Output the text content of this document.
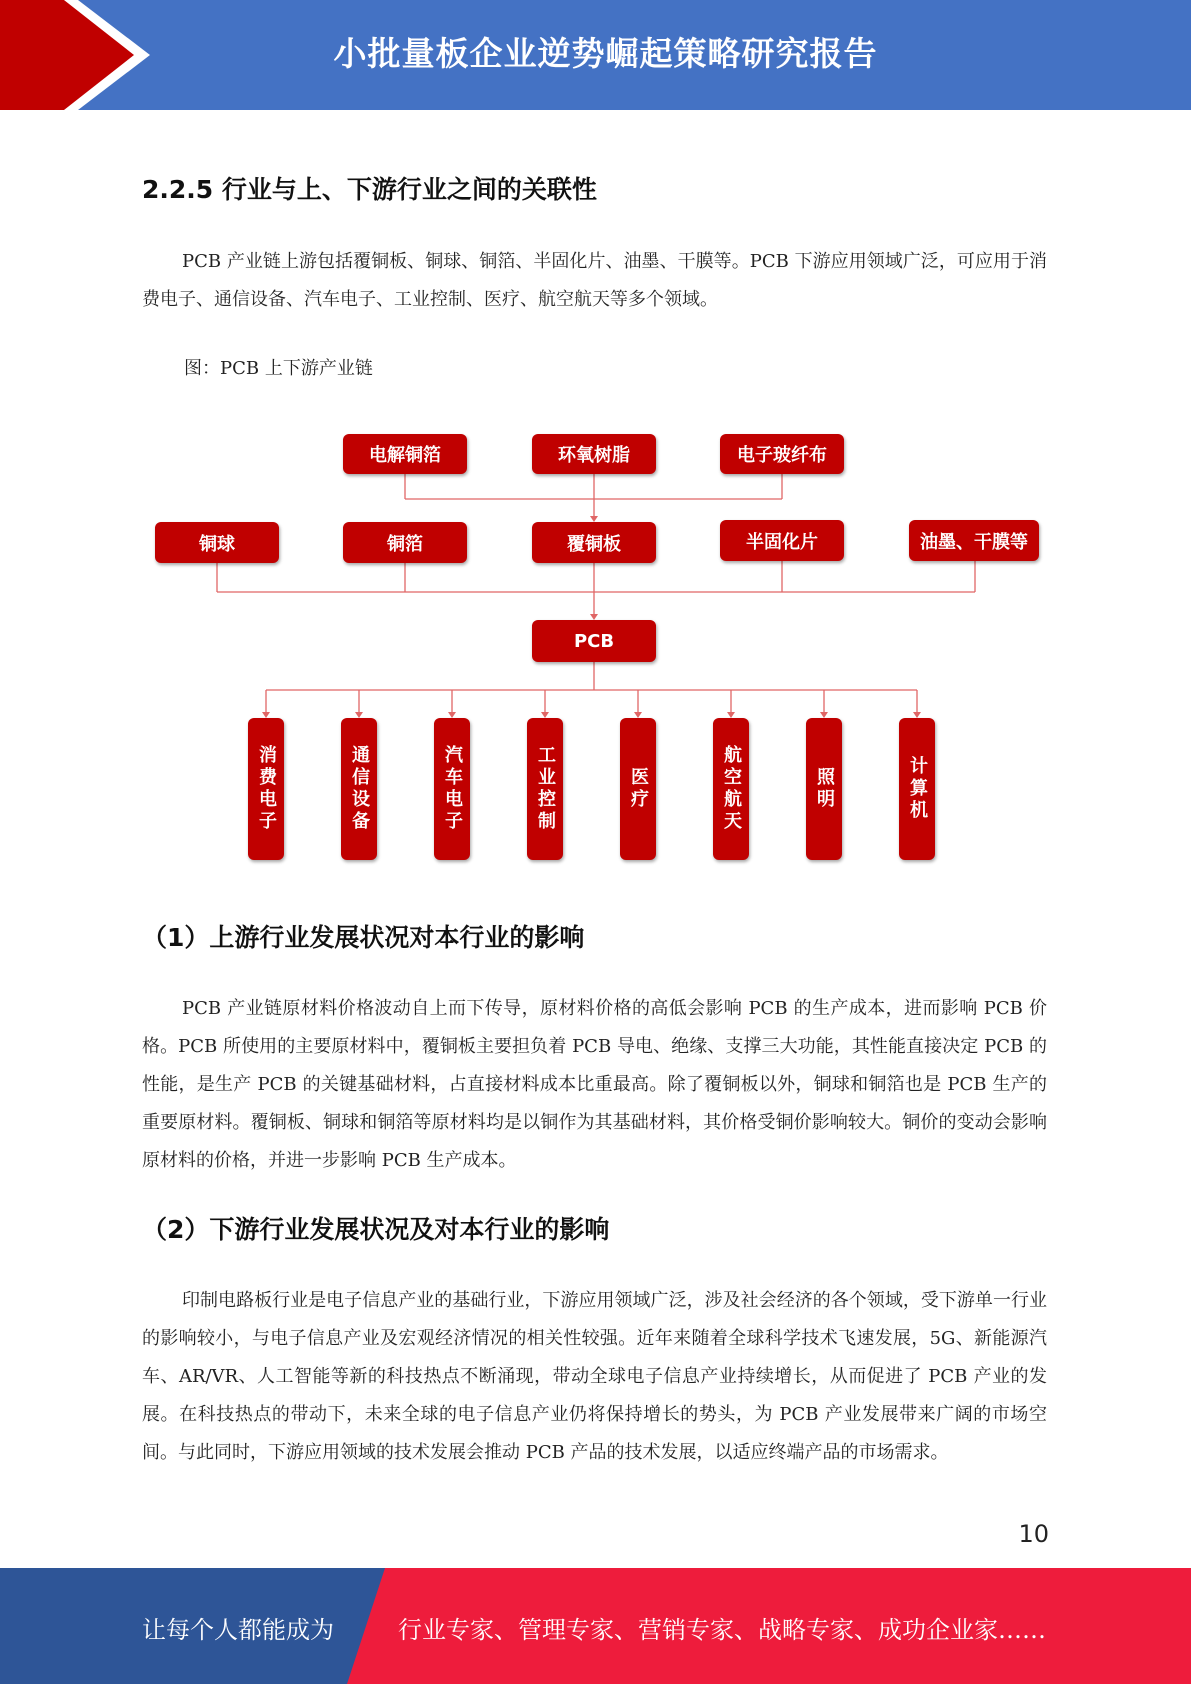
小批量板企业逆势崛起策略研究报告
2.2.5 行业与上、下游行业之间的关联性
PCB 产业链上游包括覆铜板、铜球、铜箔、半固化片、油墨、干膜等。PCB 下游应用领域广泛，可应用于消费电子、通信设备、汽车电子、工业控制、医疗、航空航天等多个领域。
图：PCB 上下游产业链
电解铜箔	环氧树脂	电子玻纤布
铜球	铜箔	覆铜板	半固化片	油墨、干膜等
PCB
消费电子	通信设备	汽车电子	工业控制	医疗	航空航天	照明	计算机
（1）上游行业发展状况对本行业的影响
PCB 产业链原材料价格波动自上而下传导，原材料价格的高低会影响 PCB 的生产成本，进而影响 PCB 价格。PCB 所使用的主要原材料中，覆铜板主要担负着 PCB 导电、绝缘、支撑三大功能，其性能直接决定 PCB 的性能，是生产 PCB 的关键基础材料，占直接材料成本比重最高。除了覆铜板以外，铜球和铜箔也是 PCB 生产的重要原材料。覆铜板、铜球和铜箔等原材料均是以铜作为其基础材料，其价格受铜价影响较大。铜价的变动会影响原材料的价格，并进一步影响 PCB 生产成本。
（2）下游行业发展状况及对本行业的影响
印制电路板行业是电子信息产业的基础行业，下游应用领域广泛，涉及社会经济的各个领域，受下游单一行业的影响较小，与电子信息产业及宏观经济情况的相关性较强。近年来随着全球科学技术飞速发展，5G、新能源汽车、AR/VR、人工智能等新的科技热点不断涌现，带动全球电子信息产业持续增长，从而促进了 PCB 产业的发展。在科技热点的带动下，未来全球的电子信息产业仍将保持增长的势头，为 PCB 产业发展带来广阔的市场空间。与此同时，下游应用领域的技术发展会推动 PCB 产品的技术发展，以适应终端产品的市场需求。
10
让每个人都能成为	行业专家、管理专家、营销专家、战略专家、成功企业家……
